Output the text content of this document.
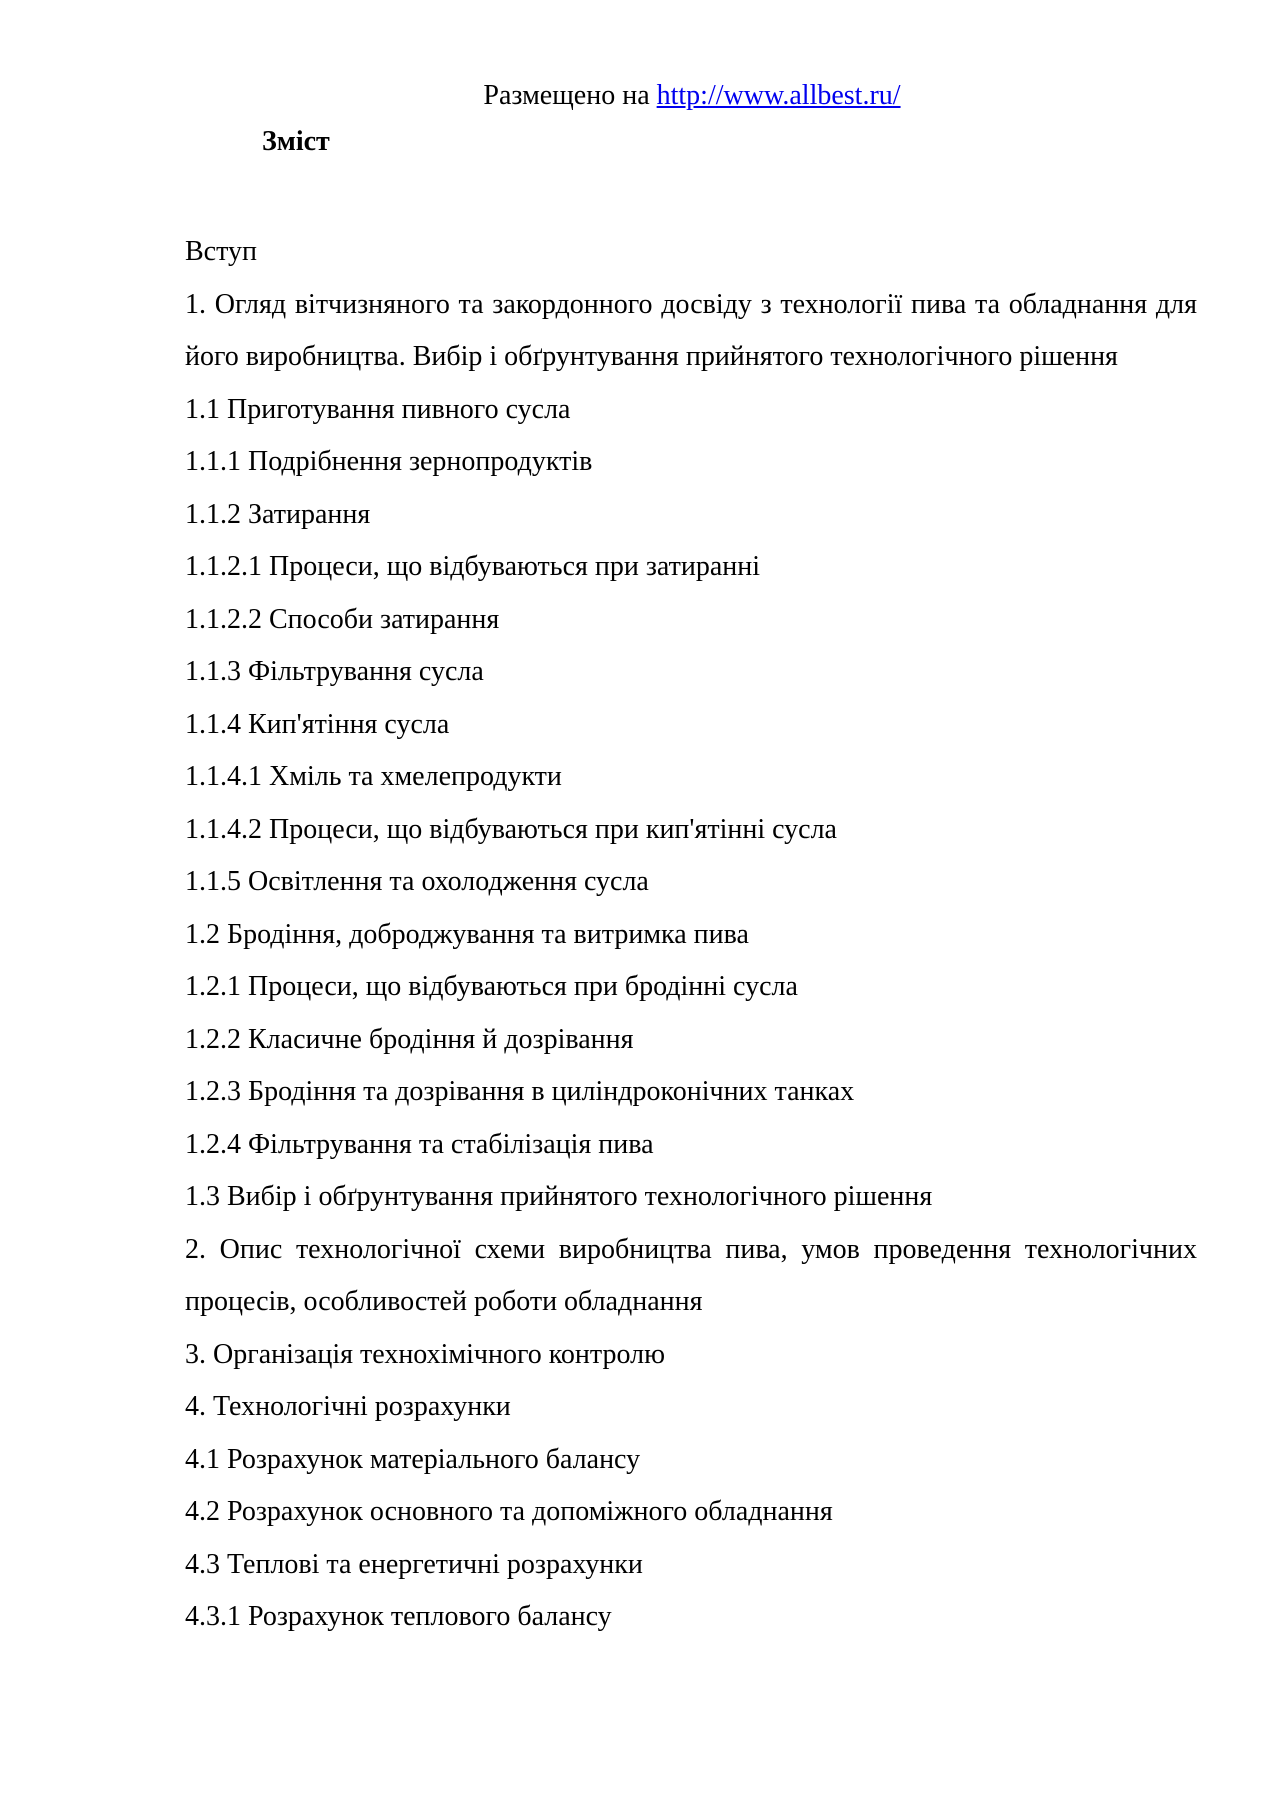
Размещено на http://www.allbest.ru/
Зміст
Вступ
1. Огляд вітчизняного та закордонного досвіду з технології пива та обладнання для його виробництва. Вибір і обґрунтування прийнятого технологічного рішення
1.1 Приготування пивного сусла
1.1.1 Подрібнення зернопродуктів
1.1.2 Затирання
1.1.2.1 Процеси, що відбуваються при затиранні
1.1.2.2 Способи затирання
1.1.3 Фільтрування сусла
1.1.4 Кип'ятіння сусла
1.1.4.1 Хміль та хмелепродукти
1.1.4.2 Процеси, що відбуваються при кип'ятінні сусла
1.1.5 Освітлення та охолодження сусла
1.2 Бродіння, доброджування та витримка пива
1.2.1 Процеси, що відбуваються при бродінні сусла
1.2.2 Класичне бродіння й дозрівання
1.2.3 Бродіння та дозрівання в циліндроконічних танках
1.2.4 Фільтрування та стабілізація пива
1.3 Вибір і обґрунтування прийнятого технологічного рішення
2. Опис технологічної схеми виробництва пива, умов проведення технологічних процесів, особливостей роботи обладнання
3. Організація технохімічного контролю
4. Технологічні розрахунки
4.1 Розрахунок матеріального балансу
4.2 Розрахунок основного та допоміжного обладнання
4.3 Теплові та енергетичні розрахунки
4.3.1 Розрахунок теплового балансу
